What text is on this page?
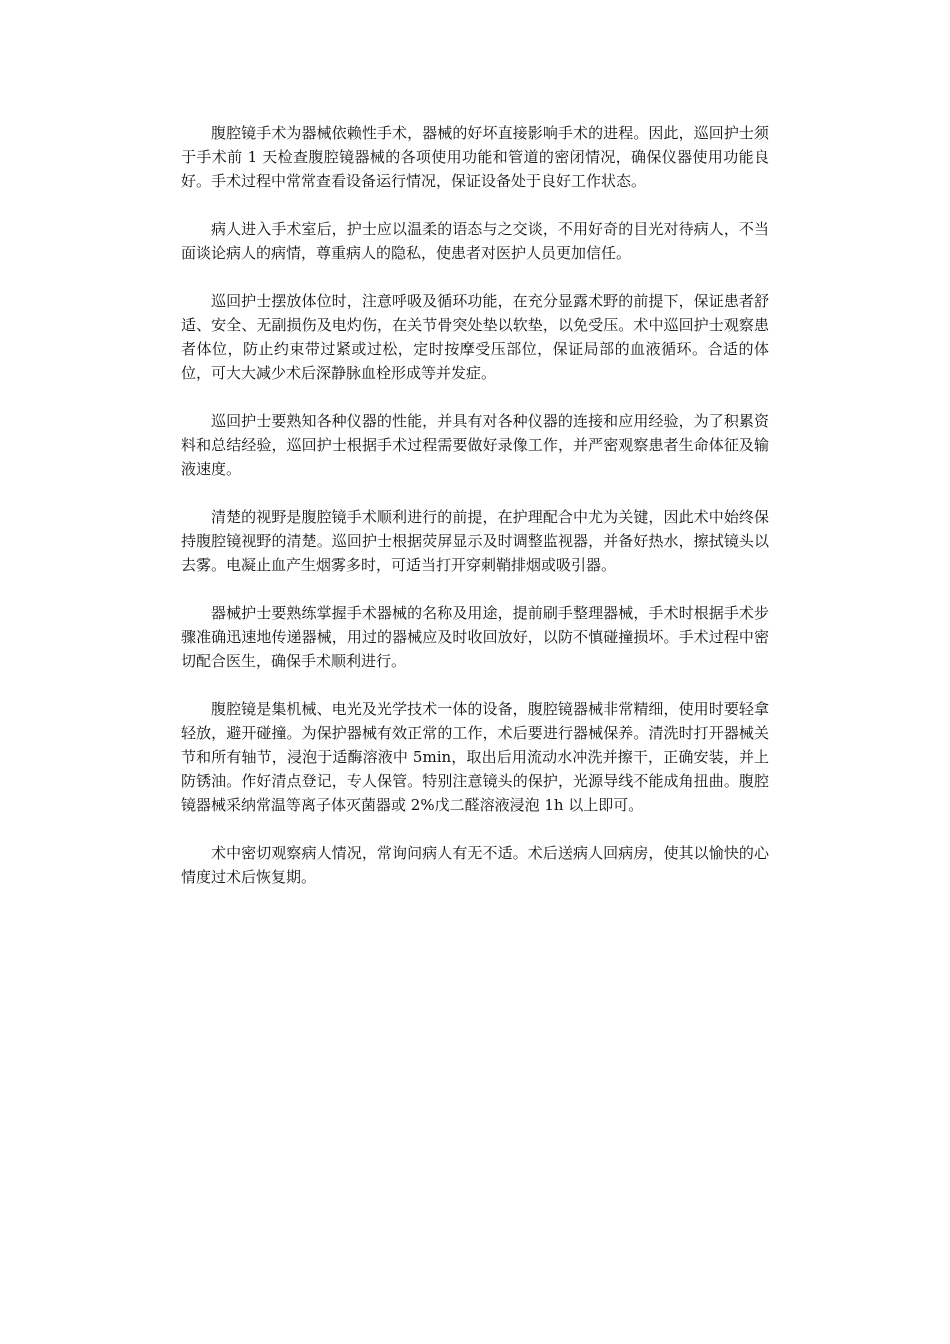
腹腔镜手术为器械依赖性手术，器械的好坏直接影响手术的进程。因此，巡回护士须于手术前 1 天检查腹腔镜器械的各项使用功能和管道的密闭情况，确保仪器使用功能良好。手术过程中常常查看设备运行情况，保证设备处于良好工作状态。

病人进入手术室后，护士应以温柔的语态与之交谈，不用好奇的目光对待病人，不当面谈论病人的病情，尊重病人的隐私，使患者对医护人员更加信任。

巡回护士摆放体位时，注意呼吸及循环功能，在充分显露术野的前提下，保证患者舒适、安全、无副损伤及电灼伤，在关节骨突处垫以软垫，以免受压。术中巡回护士观察患者体位，防止约束带过紧或过松，定时按摩受压部位，保证局部的血液循环。合适的体位，可大大减少术后深静脉血栓形成等并发症。

巡回护士要熟知各种仪器的性能，并具有对各种仪器的连接和应用经验，为了积累资料和总结经验，巡回护士根据手术过程需要做好录像工作，并严密观察患者生命体征及输液速度。

清楚的视野是腹腔镜手术顺利进行的前提，在护理配合中尤为关键，因此术中始终保持腹腔镜视野的清楚。巡回护士根据荧屏显示及时调整监视器，并备好热水，擦拭镜头以去雾。电凝止血产生烟雾多时，可适当打开穿刺鞘排烟或吸引器。

器械护士要熟练掌握手术器械的名称及用途，提前刷手整理器械，手术时根据手术步骤准确迅速地传递器械，用过的器械应及时收回放好，以防不慎碰撞损坏。手术过程中密切配合医生，确保手术顺利进行。

腹腔镜是集机械、电光及光学技术一体的设备，腹腔镜器械非常精细，使用时要轻拿轻放，避开碰撞。为保护器械有效正常的工作，术后要进行器械保养。清洗时打开器械关节和所有轴节，浸泡于适酶溶液中 5min，取出后用流动水冲洗并擦干，正确安装，并上防锈油。作好清点登记，专人保管。特别注意镜头的保护，光源导线不能成角扭曲。腹腔镜器械采纳常温等离子体灭菌器或 2%戊二醛溶液浸泡 1h 以上即可。

术中密切观察病人情况，常询问病人有无不适。术后送病人回病房，使其以愉快的心情度过术后恢复期。
